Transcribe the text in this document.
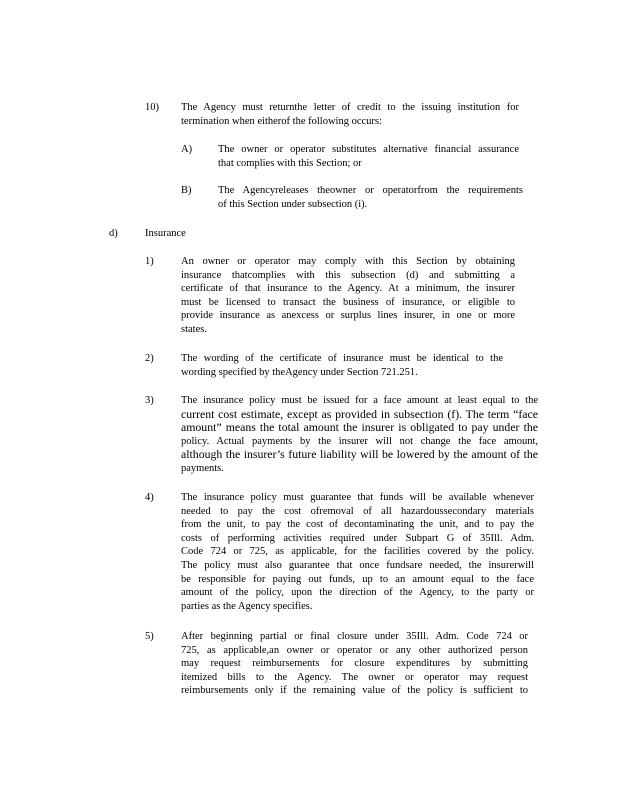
10)	The Agency must returnthe letter of credit to the issuing institution for
termination when eitherof the following occurs:
A)	The owner or operator substitutes alternative financial assurance
that complies with this Section; or
B)	The Agencyreleases theowner or operatorfrom the requirements
of this Section under subsection (i).
d)	Insurance
1)	An owner or operator may comply with this Section by obtaining
insurance thatcomplies with this subsection (d) and submitting a
certificate of that insurance to the Agency. At a minimum, the insurer
must be licensed to transact the business of insurance, or eligible to
provide insurance as anexcess or surplus lines insurer, in one or more
states.
2)	The wording of the certificate of insurance must be identical to the
wording specified by theAgency under Section 721.251.
3)	The insurance policy must be issued for a face amount at least equal to the
current cost estimate, except as provided in subsection (f). The term “face
amount” means the total amount the insurer is obligated to pay under the
policy. Actual payments by the insurer will not change the face amount,
although the insurer’s future liability will be lowered by the amount of the
payments.
4)	The insurance policy must guarantee that funds will be available whenever
needed to pay the cost ofremoval of all hazardoussecondary materials
from the unit, to pay the cost of decontaminating the unit, and to pay the
costs of performing activities required under Subpart G of 35Ill. Adm.
Code 724 or 725, as applicable, for the facilities covered by the policy.
The policy must also guarantee that once fundsare needed, the insurerwill
be responsible for paying out funds, up to an amount equal to the face
amount of the policy, upon the direction of the Agency, to the party or
parties as the Agency specifies.
5)	After beginning partial or final closure under 35Ill. Adm. Code 724 or
725, as applicable,an owner or operator or any other authorized person
may request reimbursements for closure expenditures by submitting
itemized bills to the Agency. The owner or operator may request
reimbursements only if the remaining value of the policy is sufficient to
